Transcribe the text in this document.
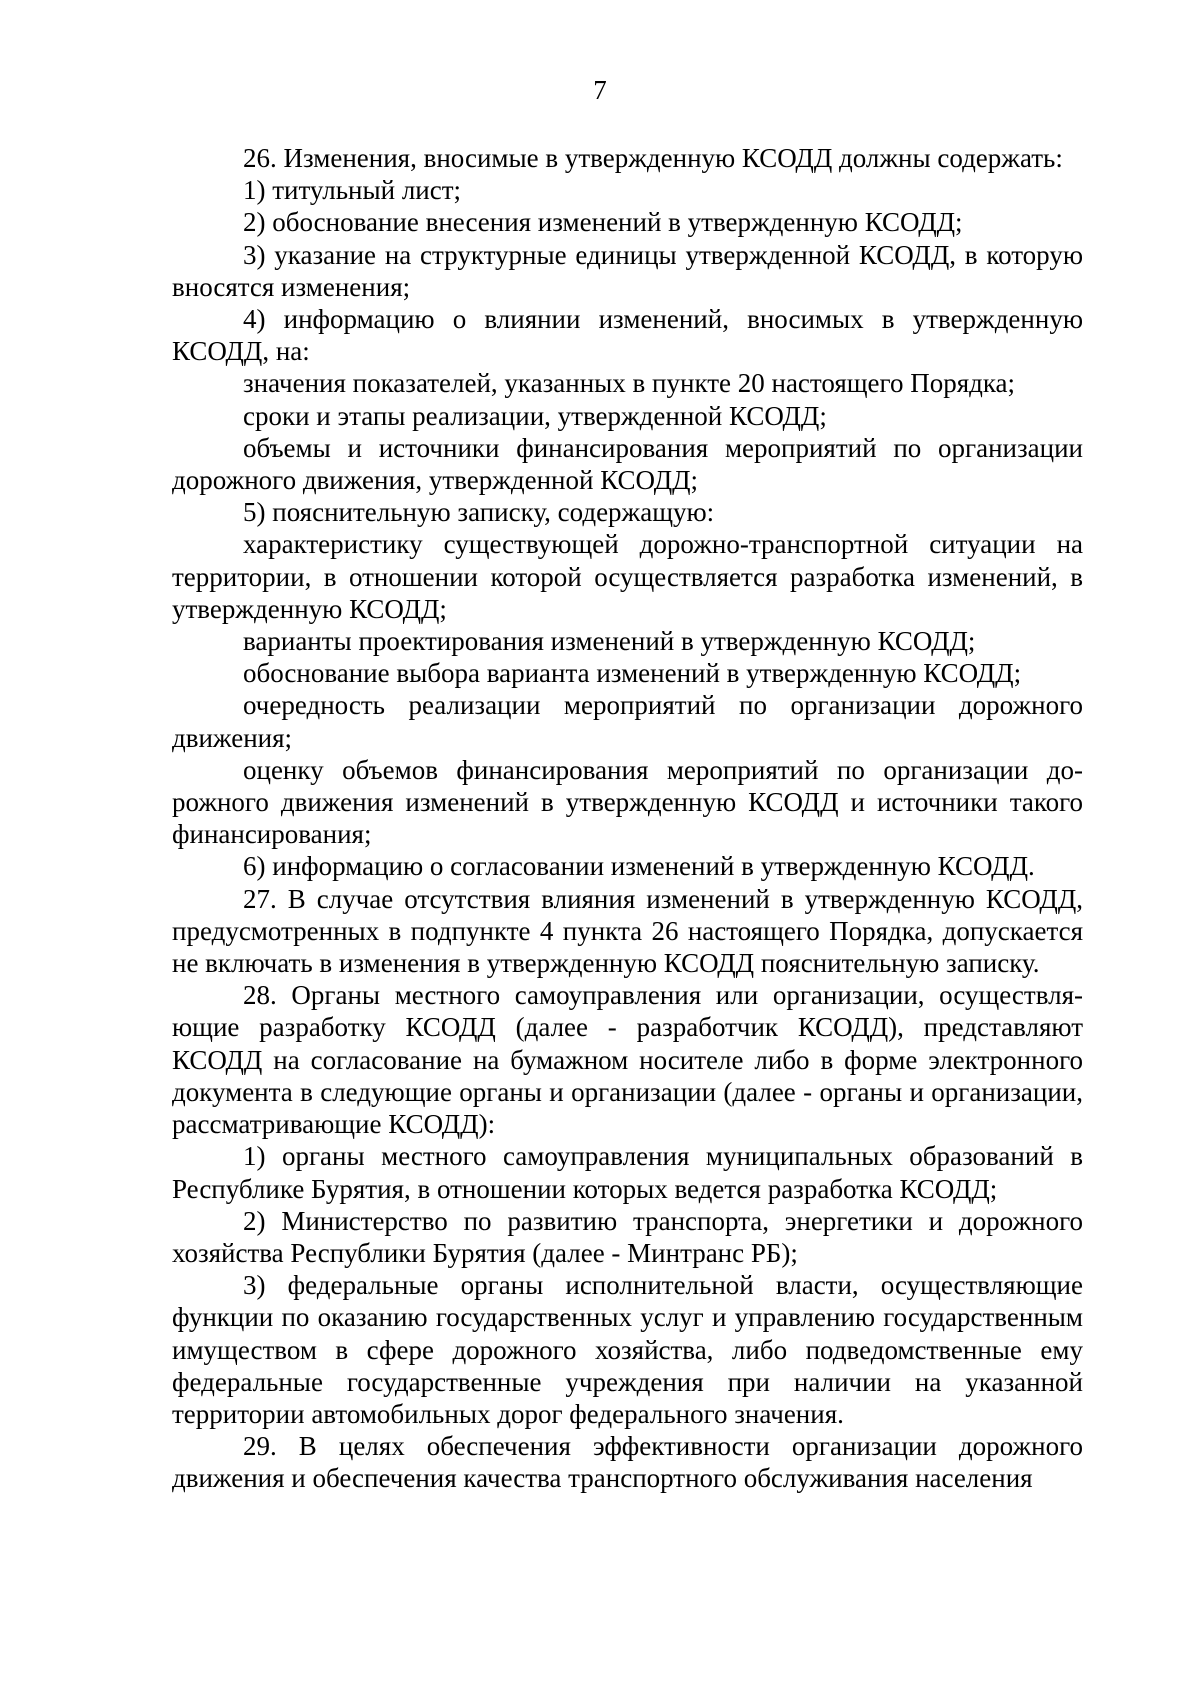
7

26. Изменения, вносимые в утвержденную КСОДД должны содержать:

1) титульный лист;

2) обоснование внесения изменений в утвержденную КСОДД;

3) указание на структурные единицы утвержденной КСОДД, в которую вносятся изменения;

4) информацию о влиянии изменений, вносимых в утвержденную КСОДД, на:

значения показателей, указанных в пункте 20 настоящего Порядка;

сроки и этапы реализации, утвержденной КСОДД;

объемы и источники финансирования мероприятий по организации дорожного движения, утвержденной КСОДД;

5) пояснительную записку, содержащую:

характеристику существующей дорожно-транспортной ситуации на территории, в отношении которой осуществляется разработка изменений, в утвержденную КСОДД;

варианты проектирования изменений в утвержденную КСОДД;

обоснование выбора варианта изменений в утвержденную КСОДД;

очередность реализации мероприятий по организации дорожного движения;

оценку объемов финансирования мероприятий по организации дорожного движения изменений в утвержденную КСОДД и источники такого финансирования;

6) информацию о согласовании изменений в утвержденную КСОДД.

27. В случае отсутствия влияния изменений в утвержденную КСОДД, предусмотренных в подпункте 4 пункта 26 настоящего Порядка, допускается не включать в изменения в утвержденную КСОДД пояснительную записку.

28. Органы местного самоуправления или организации, осуществляющие разработку КСОДД (далее - разработчик КСОДД), представляют КСОДД на согласование на бумажном носителе либо в форме электронного документа в следующие органы и организации (далее - органы и организации, рассматривающие КСОДД):

1) органы местного самоуправления муниципальных образований в Республике Бурятия, в отношении которых ведется разработка КСОДД;

2) Министерство по развитию транспорта, энергетики и дорожного хозяйства Республики Бурятия (далее - Минтранс РБ);

3) федеральные органы исполнительной власти, осуществляющие функции по оказанию государственных услуг и управлению государственным имуществом в сфере дорожного хозяйства, либо подведомственные ему федеральные государственные учреждения при наличии на указанной территории автомобильных дорог федерального значения.

29. В целях обеспечения эффективности организации дорожного движения и обеспечения качества транспортного обслуживания населения
